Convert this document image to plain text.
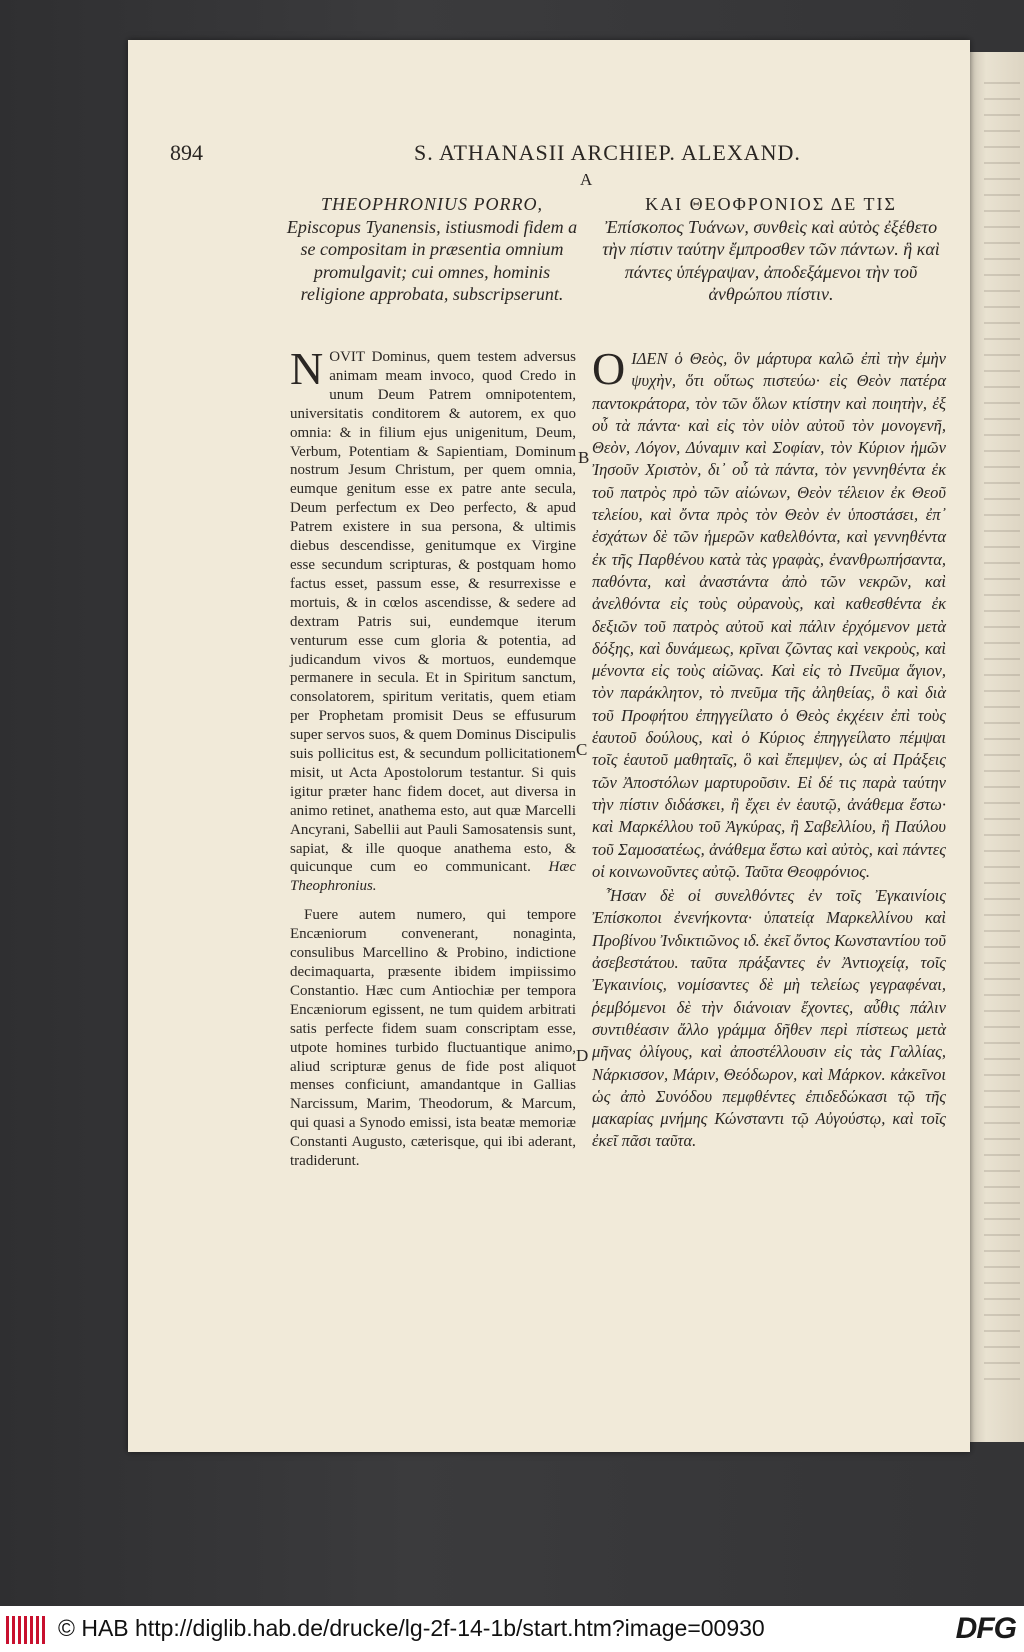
894	S. ATHANASII ARCHIEP. ALEXAND.
A
B
C
D
THEOPHRONIUS PORRO,
Episcopus Tyanensis, istiusmodi fidem a se compositam in præsentia omnium promulgavit; cui omnes, hominis religione approbata, subscripserunt.
ΚΑΙ ΘΕΟΦΡΟΝΙΟΣ ΔΕ ΤΙΣ
Ἐπίσκοπος Τυάνων, συνθεὶς καὶ αὐτὸς ἐξέθετο τὴν πίστιν ταύτην ἔμπροσθεν τῶν πάντων. ἣ καὶ πάντες ὑπέγραψαν, ἀποδεξάμενοι τὴν τοῦ ἀνθρώπου πίστιν.

NOVIT Dominus, quem testem adversus animam meam invoco, quod Credo in unum Deum Patrem omnipotentem, universitatis conditorem & autorem, ex quo omnia: & in filium ejus unigenitum, Deum, Verbum, Potentiam & Sapientiam, Dominum nostrum Jesum Christum, per quem omnia, eumque genitum esse ex patre ante secula, Deum perfectum ex Deo perfecto, & apud Patrem existere in sua persona, & ultimis diebus descendisse, genitumque ex Virgine esse secundum scripturas, & postquam homo factus esset, passum esse, & resurrexisse e mortuis, & in cœlos ascendisse, & sedere ad dextram Patris sui, eundemque iterum venturum esse cum gloria & potentia, ad judicandum vivos & mortuos, eundemque permanere in secula. Et in Spiritum sanctum, consolatorem, spiritum veritatis, quem etiam per Prophetam promisit Deus se effusurum super servos suos, & quem Dominus Discipulis suis pollicitus est, & secundum pollicitationem misit, ut Acta Apostolorum testantur. Si quis igitur præter hanc fidem docet, aut diversa in animo retinet, anathema esto, aut quæ Marcelli Ancyrani, Sabellii aut Pauli Samosatensis sunt, sapiat, & ille quoque anathema esto, & quicunque cum eo communicant. Hæc Theophronius.

Fuere autem numero, qui tempore Encæniorum convenerant, nonaginta, consulibus Marcellino & Probino, indictione decimaquarta, præsente ibidem impiissimo Constantio. Hæc cum Antiochiæ per tempora Encæniorum egissent, ne tum quidem arbitrati satis perfecte fidem suam conscriptam esse, utpote homines turbido fluctuantique animo, aliud scripturæ genus de fide post aliquot menses conficiunt, amandantque in Gallias Narcissum, Marim, Theodorum, & Marcum, qui quasi a Synodo emissi, ista beatæ memoriæ Constanti Augusto, cæterisque, qui ibi aderant, tradiderunt.

ΟΙΔΕΝ ὁ Θεὸς, ὃν μάρτυρα καλῶ ἐπὶ τὴν ἐμὴν ψυχὴν, ὅτι οὕτως πιστεύω· εἰς Θεὸν πατέρα παντοκράτορα, τὸν τῶν ὅλων κτίστην καὶ ποιητὴν, ἐξ οὗ τὰ πάντα· καὶ εἰς τὸν υἱὸν αὐτοῦ τὸν μονογενῆ, Θεὸν, Λόγον, Δύναμιν καὶ Σοφίαν, τὸν Κύριον ἡμῶν Ἰησοῦν Χριστὸν, δι᾽ οὗ τὰ πάντα, τὸν γεννηθέντα ἐκ τοῦ πατρὸς πρὸ τῶν αἰώνων, Θεὸν τέλειον ἐκ Θεοῦ τελείου, καὶ ὄντα πρὸς τὸν Θεὸν ἐν ὑποστάσει, ἐπ᾽ ἐσχάτων δὲ τῶν ἡμερῶν καθελθόντα, καὶ γεννηθέντα ἐκ τῆς Παρθένου κατὰ τὰς γραφὰς, ἐνανθρωπήσαντα, παθόντα, καὶ ἀναστάντα ἀπὸ τῶν νεκρῶν, καὶ ἀνελθόντα εἰς τοὺς οὐρανοὺς, καὶ καθεσθέντα ἐκ δεξιῶν τοῦ πατρὸς αὐτοῦ καὶ πάλιν ἐρχόμενον μετὰ δόξης, καὶ δυνάμεως, κρῖναι ζῶντας καὶ νεκροὺς, καὶ μένοντα εἰς τοὺς αἰῶνας. Καὶ εἰς τὸ Πνεῦμα ἅγιον, τὸν παράκλητον, τὸ πνεῦμα τῆς ἀληθείας, ὃ καὶ διὰ τοῦ Προφήτου ἐπηγγείλατο ὁ Θεὸς ἐκχέειν ἐπὶ τοὺς ἑαυτοῦ δούλους, καὶ ὁ Κύριος ἐπηγγείλατο πέμψαι τοῖς ἑαυτοῦ μαθηταῖς, ὃ καὶ ἔπεμψεν, ὡς αἱ Πράξεις τῶν Ἀποστόλων μαρτυροῦσιν. Εἰ δέ τις παρὰ ταύτην τὴν πίστιν διδάσκει, ἢ ἔχει ἐν ἑαυτῷ, ἀνάθεμα ἔστω· καὶ Μαρκέλλου τοῦ Ἀγκύρας, ἢ Σαβελλίου, ἢ Παύλου τοῦ Σαμοσατέως, ἀνάθεμα ἔστω καὶ αὐτὸς, καὶ πάντες οἱ κοινωνοῦντες αὐτῷ. Ταῦτα Θεοφρόνιος.

Ἦσαν δὲ οἱ συνελθόντες ἐν τοῖς Ἐγκαινίοις Ἐπίσκοποι ἐνενήκοντα· ὑπατείᾳ Μαρκελλίνου καὶ Προβίνου Ἰνδικτιῶνος ιδ. ἐκεῖ ὄντος Κωνσταντίου τοῦ ἀσεβεστάτου. ταῦτα πράξαντες ἐν Ἀντιοχείᾳ, τοῖς Ἐγκαινίοις, νομίσαντες δὲ μὴ τελείως γεγραφέναι, ῥεμβόμενοι δὲ τὴν διάνοιαν ἔχοντες, αὖθις πάλιν συντιθέασιν ἄλλο γράμμα δῆθεν περὶ πίστεως μετὰ μῆνας ὀλίγους, καὶ ἀποστέλλουσιν εἰς τὰς Γαλλίας, Νάρκισσον, Μάριν, Θεόδωρον, καὶ Μάρκον. κἀκεῖνοι ὡς ἀπὸ Συνόδου πεμφθέντες ἐπιδεδώκασι τῷ τῆς μακαρίας μνήμης Κώνσταντι τῷ Αὐγούστῳ, καὶ τοῖς ἐκεῖ πᾶσι ταῦτα.

© HAB http://diglib.hab.de/drucke/lg-2f-14-1b/start.htm?image=00930	DFG
